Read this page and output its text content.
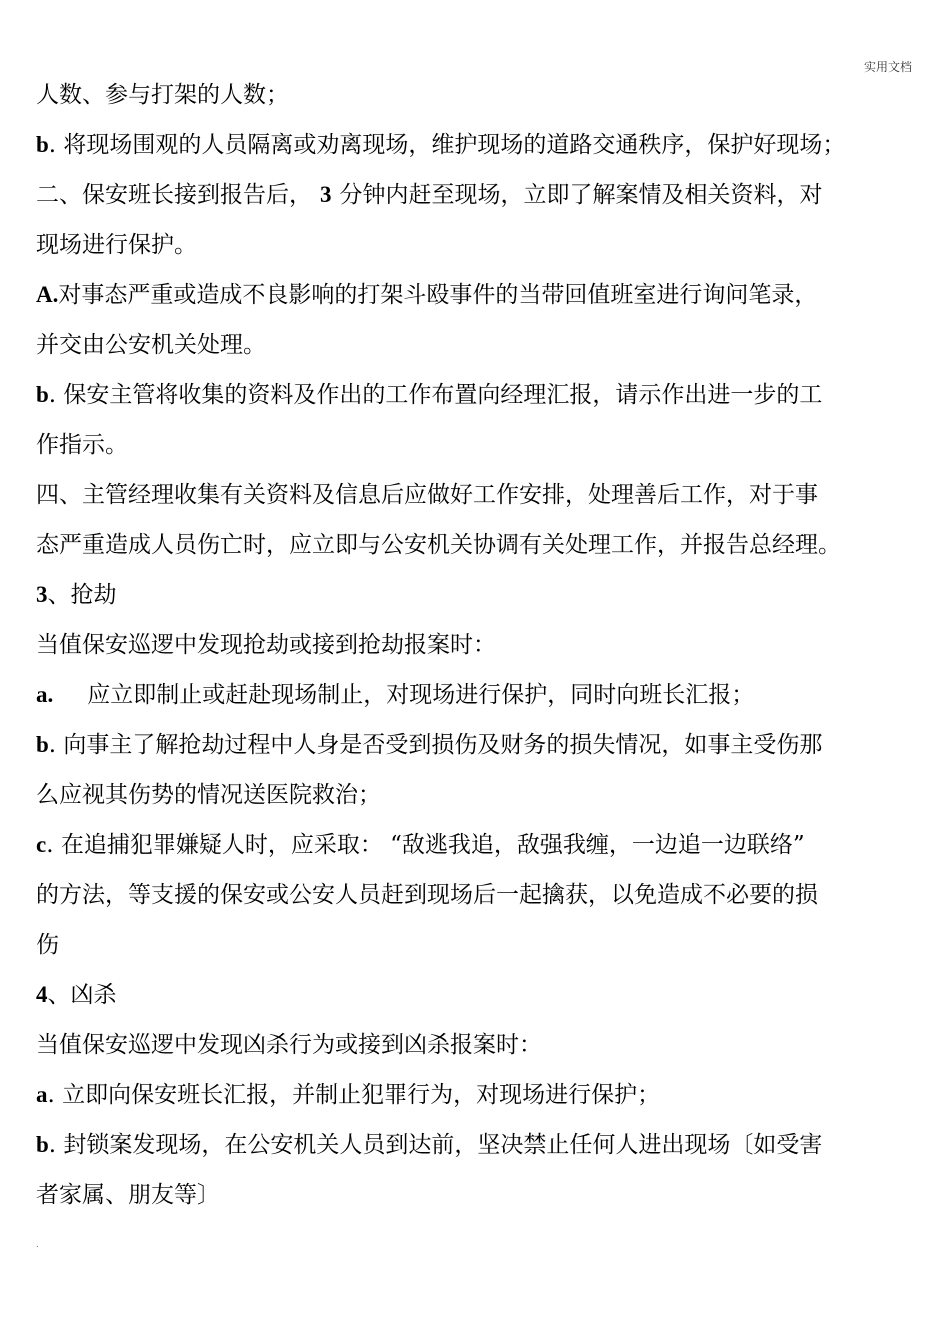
实用文档
人数、参与打架的人数；
b. 将现场围观的人员隔离或劝离现场，维护现场的道路交通秩序，保护好现场；
二、保安班长接到报告后， 3 分钟内赶至现场，立即了解案情及相关资料，对
现场进行保护。
A.对事态严重或造成不良影响的打架斗殴事件的当带回值班室进行询问笔录，
并交由公安机关处理。
b. 保安主管将收集的资料及作出的工作布置向经理汇报，请示作出进一步的工
作指示。
四、主管经理收集有关资料及信息后应做好工作安排，处理善后工作，对于事
态严重造成人员伤亡时，应立即与公安机关协调有关处理工作，并报告总经理。
3、抢劫
当值保安巡逻中发现抢劫或接到抢劫报案时：
a. 应立即制止或赶赴现场制止，对现场进行保护，同时向班长汇报；
b. 向事主了解抢劫过程中人身是否受到损伤及财务的损失情况，如事主受伤那
么应视其伤势的情况送医院救治；
c. 在追捕犯罪嫌疑人时，应采取： “敌逃我追，敌强我缠，一边追一边联络”
的方法，等支援的保安或公安人员赶到现场后一起擒获，以免造成不必要的损
伤
4、凶杀
当值保安巡逻中发现凶杀行为或接到凶杀报案时：
a. 立即向保安班长汇报，并制止犯罪行为，对现场进行保护；
b. 封锁案发现场，在公安机关人员到达前，坚决禁止任何人进出现场〔如受害
者家属、朋友等〕
.
